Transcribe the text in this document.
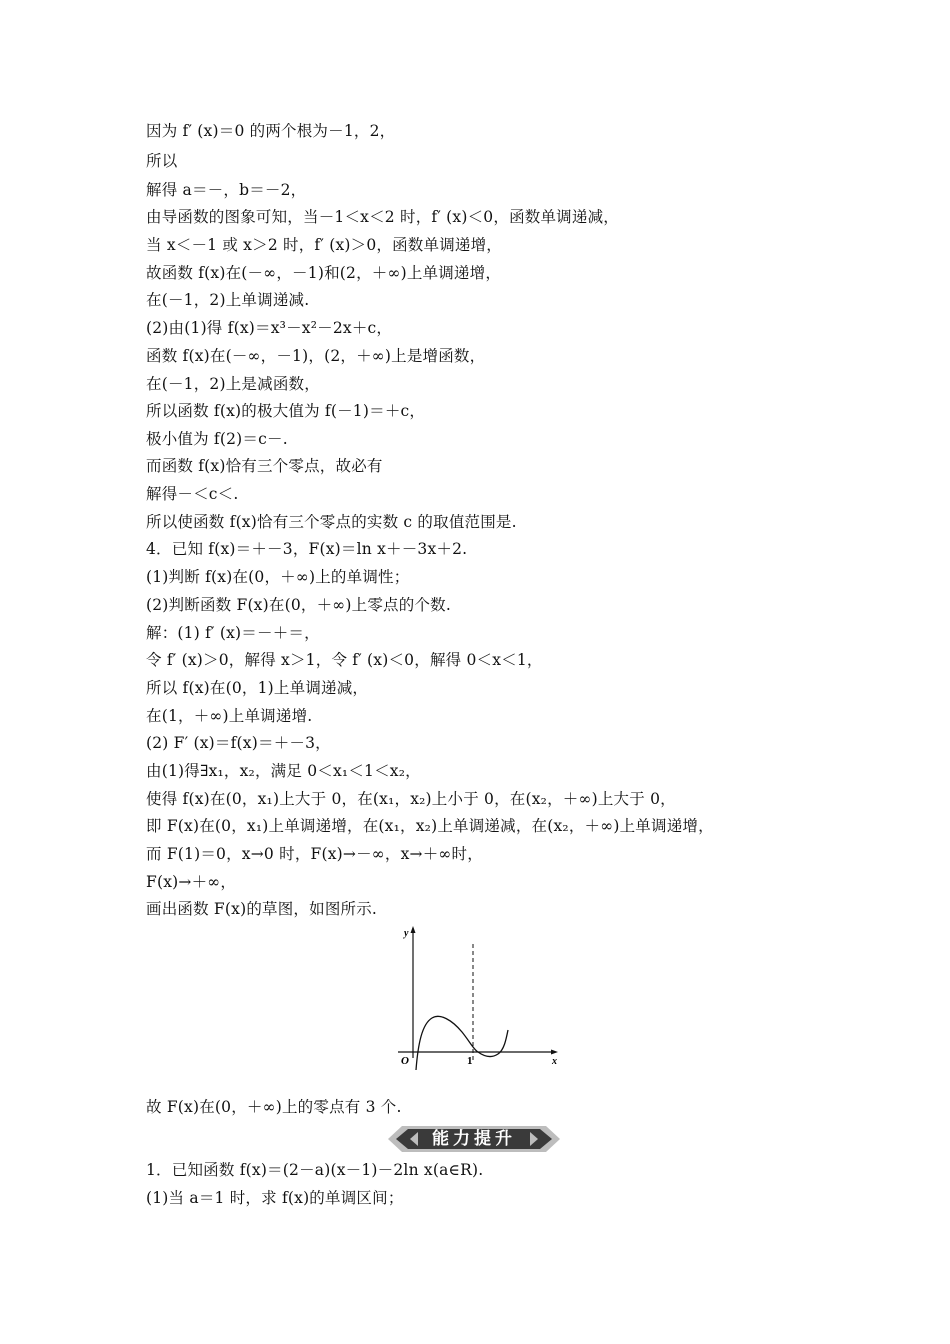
因为 f′ (x)＝0 的两个根为－1，2，
所以
解得 a＝－，b＝－2，
由导函数的图象可知，当－1＜x＜2 时，f′ (x)＜0，函数单调递减，
当 x＜－1 或 x＞2 时，f′ (x)＞0，函数单调递增，
故函数 f(x)在(－∞，－1)和(2，＋∞)上单调递增，
在(－1，2)上单调递减.
(2)由(1)得 f(x)＝x³－x²－2x＋c，
函数 f(x)在(－∞，－1)，(2，＋∞)上是增函数，
在(－1，2)上是减函数，
所以函数 f(x)的极大值为 f(－1)＝＋c，
极小值为 f(2)＝c－.
而函数 f(x)恰有三个零点，故必有
解得－＜c＜.
所以使函数 f(x)恰有三个零点的实数 c 的取值范围是.
4．已知 f(x)＝＋－3，F(x)＝ln x＋－3x＋2.
(1)判断 f(x)在(0，＋∞)上的单调性；
(2)判断函数 F(x)在(0，＋∞)上零点的个数.
解：(1) f′ (x)＝－＋＝，
令 f′ (x)＞0，解得 x＞1，令 f′ (x)＜0，解得 0＜x＜1，
所以 f(x)在(0，1)上单调递减，
在(1，＋∞)上单调递增.
(2) F′ (x)＝f(x)＝＋－3，
由(1)得∃x₁，x₂，满足 0＜x₁＜1＜x₂，
使得 f(x)在(0，x₁)上大于 0，在(x₁，x₂)上小于 0，在(x₂，＋∞)上大于 0，
即 F(x)在(0，x₁)上单调递增，在(x₁，x₂)上单调递减，在(x₂，＋∞)上单调递增，
而 F(1)＝0，x→0 时，F(x)→－∞，x→＋∞时，
F(x)→＋∞，
画出函数 F(x)的草图，如图所示.
y
x
O	1
故 F(x)在(0，＋∞)上的零点有 3 个.
能力提升
1．已知函数 f(x)＝(2－a)(x－1)－2ln x(a∈R).
(1)当 a＝1 时，求 f(x)的单调区间；
